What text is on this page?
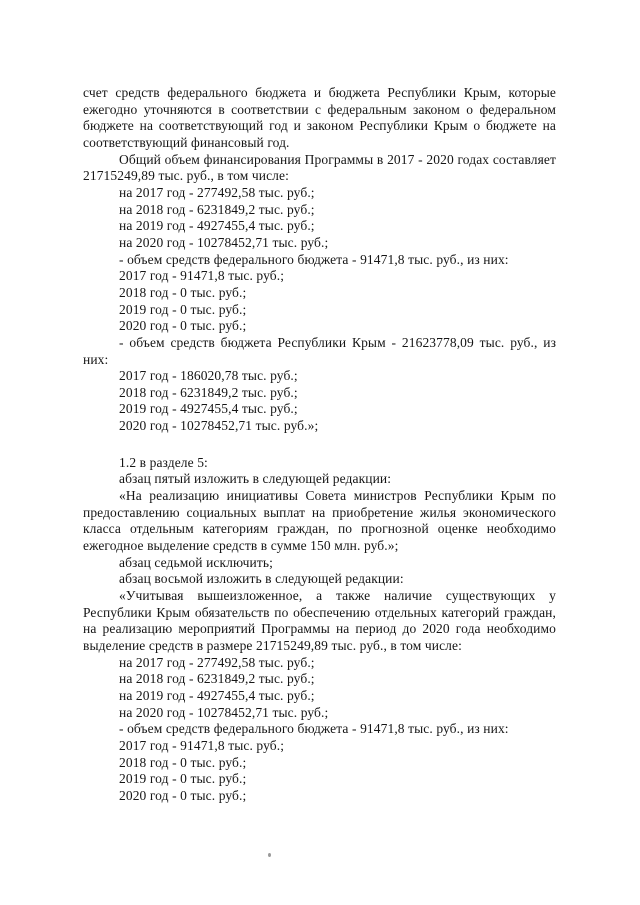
счет средств федерального бюджета и бюджета Республики Крым, которые
ежегодно уточняются в соответствии с федеральным законом о федеральном
бюджете на соответствующий год и законом Республики Крым о бюджете на
соответствующий финансовый год.
Общий объем финансирования Программы в 2017 - 2020 годах составляет
21715249,89 тыс. руб., в том числе:
на 2017 год - 277492,58 тыс. руб.;
на 2018 год - 6231849,2 тыс. руб.;
на 2019 год - 4927455,4 тыс. руб.;
на 2020 год - 10278452,71 тыс. руб.;
- объем средств федерального бюджета - 91471,8 тыс. руб., из них:
2017 год - 91471,8 тыс. руб.;
2018 год - 0 тыс. руб.;
2019 год - 0 тыс. руб.;
2020 год - 0 тыс. руб.;
- объем средств бюджета Республики Крым - 21623778,09 тыс. руб., из
них:
2017 год - 186020,78 тыс. руб.;
2018 год - 6231849,2 тыс. руб.;
2019 год - 4927455,4 тыс. руб.;
2020 год - 10278452,71 тыс. руб.»;
1.2 в разделе 5:
абзац пятый изложить в следующей редакции:
«На реализацию инициативы Совета министров Республики Крым по
предоставлению социальных выплат на приобретение жилья экономического
класса отдельным категориям граждан, по прогнозной оценке необходимо
ежегодное выделение средств в сумме 150 млн. руб.»;
абзац седьмой исключить;
абзац восьмой изложить в следующей редакции:
«Учитывая вышеизложенное, а также наличие существующих у
Республики Крым обязательств по обеспечению отдельных категорий граждан,
на реализацию мероприятий Программы на период до 2020 года необходимо
выделение средств в размере 21715249,89 тыс. руб., в том числе:
на 2017 год - 277492,58 тыс. руб.;
на 2018 год - 6231849,2 тыс. руб.;
на 2019 год - 4927455,4 тыс. руб.;
на 2020 год - 10278452,71 тыс. руб.;
- объем средств федерального бюджета - 91471,8 тыс. руб., из них:
2017 год - 91471,8 тыс. руб.;
2018 год - 0 тыс. руб.;
2019 год - 0 тыс. руб.;
2020 год - 0 тыс. руб.;
